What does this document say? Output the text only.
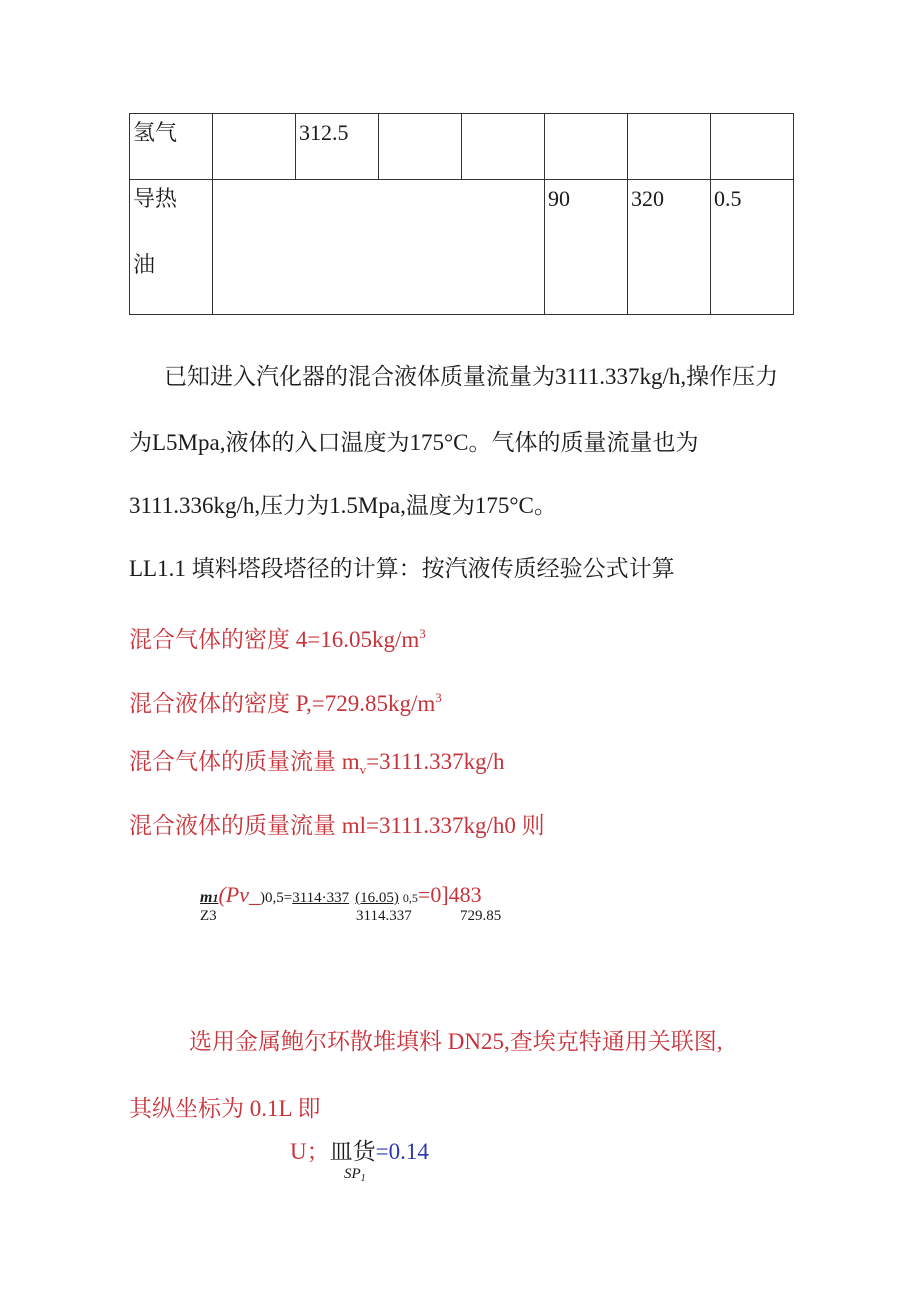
氢气		312.5					

导热
油					90	320	0.5
已知进入汽化器的混合液体质量流量为3111.337kg/h,操作压力
为L5Mpa,液体的入口温度为175°C。气体的质量流量也为
3111.336kg/h,压力为1.5Mpa,温度为175°C。
LL1.1 填料塔段塔径的计算：按汽液传质经验公式计算
混合气体的密度 $4=16.05kg/m^3$
混合液体的密度 $P,=729.85kg/m^3$
混合气体的质量流量 $m_v=3111.337kg/h$
混合液体的质量流量 ml=3111.337kg/h0 则
m1(Pv_)0,5=3114·337 (16.05) 0,5=0]483
Z3	3114.337	729.85
选用金属鲍尔环散堆填料 DN25,查埃克特通用关联图,
其纵坐标为 0.1L 即
U；皿货=0.14
$SP_1$
